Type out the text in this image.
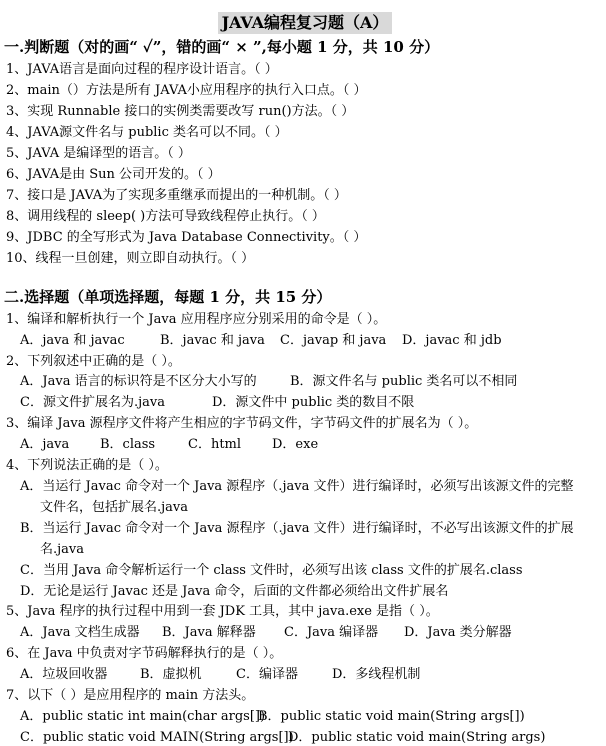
JAVA编程复习题（A）
一.判断题（对的画“ ✓”，错的画“ × ”,每小题 1 分，共 10 分）
1、JAVA语言是面向过程的程序设计语言。（ ）
2、main（）方法是所有 JAVA小应用程序的执行入口点。（ ）
3、实现 Runnable 接口的实例类需要改写 run()方法。（ ）
4、JAVA源文件名与 public 类名可以不同。（ ）
5、JAVA 是编译型的语言。（ ）
6、JAVA是由 Sun 公司开发的。（ ）
7、接口是 JAVA为了实现多重继承而提出的一种机制。（ ）
8、调用线程的 sleep( )方法可导致线程停止执行。（ ）
9、JDBC 的全写形式为 Java Database Connectivity。（ ）
10、线程一旦创建，则立即自动执行。（ ）
二.选择题（单项选择题，每题 1 分，共 15 分）
1、编译和解析执行一个 Java 应用程序应分别采用的命令是（ ）。
A．java 和 javac	B．javac 和 java C．javap 和 java D．javac 和 jdb
2、下列叙述中正确的是（ ）。
A．Java 语言的标识符是不区分大小写的	B．源文件名与 public 类名可以不相同
C．源文件扩展名为.java	D．源文件中 public 类的数目不限
3、编译 Java 源程序文件将产生相应的字节码文件，字节码文件的扩展名为（ ）。
A．java B．class	C．html D．exe
4、下列说法正确的是（ ）。
A．当运行 Javac 命令对一个 Java 源程序（.java 文件）进行编译时，必须写出该源文件的完整
文件名，包括扩展名.java
B．当运行 Javac 命令对一个 Java 源程序（.java 文件）进行编译时，不必写出该源文件的扩展
名.java
C．当用 Java 命令解析运行一个 class 文件时，必须写出该 class 文件的扩展名.class
D．无论是运行 Javac 还是 Java 命令，后面的文件都必须给出文件扩展名
5、Java 程序的执行过程中用到一套 JDK 工具，其中 java.exe 是指（ ）。
A．Java 文档生成器 B．Java 解释器 C．Java 编译器 D．Java 类分解器
6、在 Java 中负责对字节码解释执行的是（ ）。
A．垃圾回收器	B．虚拟机	C．编译器	D．多线程机制
7、以下（ ）是应用程序的 main 方法头。
A．public static int main(char args[])
B．public static void main(String args[])
C．public static void MAIN(String args[])
D．public static void main(String args)
